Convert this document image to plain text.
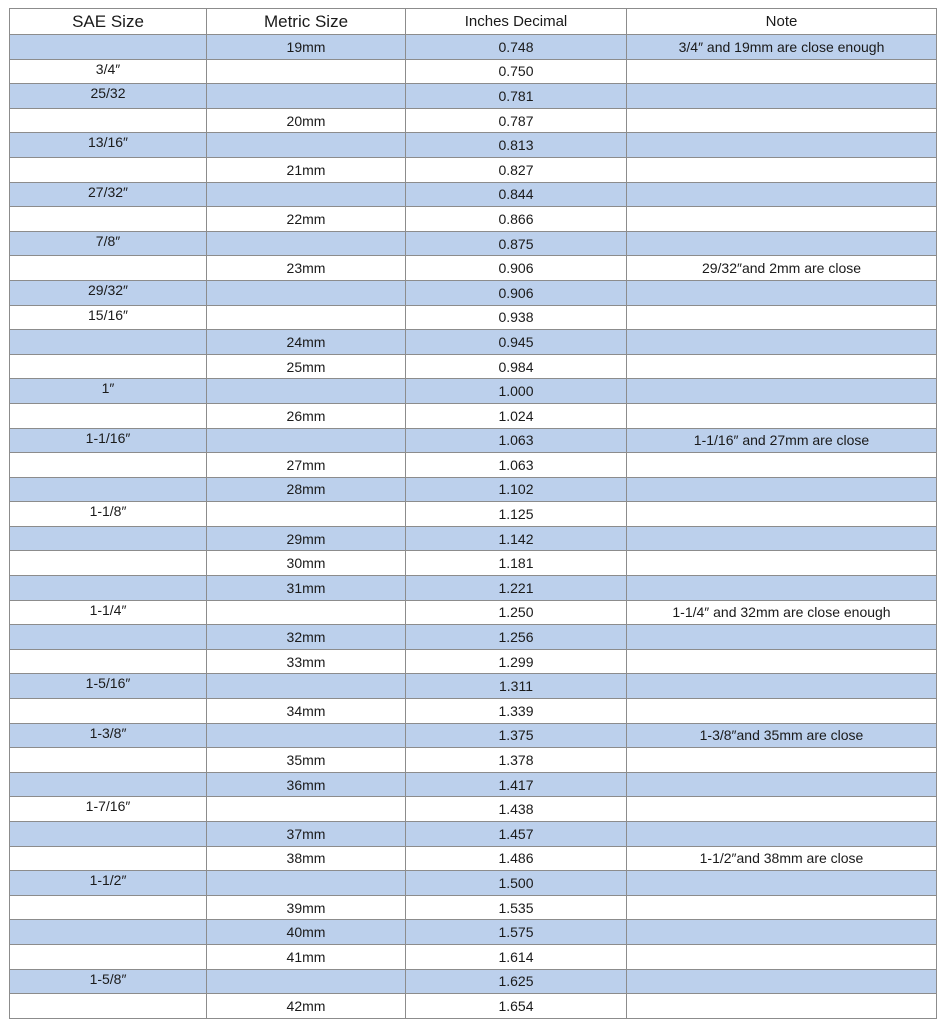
SAE Size	Metric Size	Inches Decimal	Note
	19mm	0.748	3/4″ and 19mm are close enough
3/4″		0.750	
25/32		0.781	
	20mm	0.787	
13/16″		0.813	
	21mm	0.827	
27/32″		0.844	
	22mm	0.866	
7/8″		0.875	
	23mm	0.906	29/32″and 2mm are close
29/32″		0.906	
15/16″		0.938	
	24mm	0.945	
	25mm	0.984	
1″		1.000	
	26mm	1.024	
1-1/16″		1.063	1-1/16″ and 27mm are close
	27mm	1.063	
	28mm	1.102	
1-1/8″		1.125	
	29mm	1.142	
	30mm	1.181	
	31mm	1.221	
1-1/4″		1.250	1-1/4″ and 32mm are close enough
	32mm	1.256	
	33mm	1.299	
1-5/16″		1.311	
	34mm	1.339	
1-3/8″		1.375	1-3/8″and 35mm are close
	35mm	1.378	
	36mm	1.417	
1-7/16″		1.438	
	37mm	1.457	
	38mm	1.486	1-1/2″and 38mm are close
1-1/2″		1.500	
	39mm	1.535	
	40mm	1.575	
	41mm	1.614	
1-5/8″		1.625	
	42mm	1.654	
